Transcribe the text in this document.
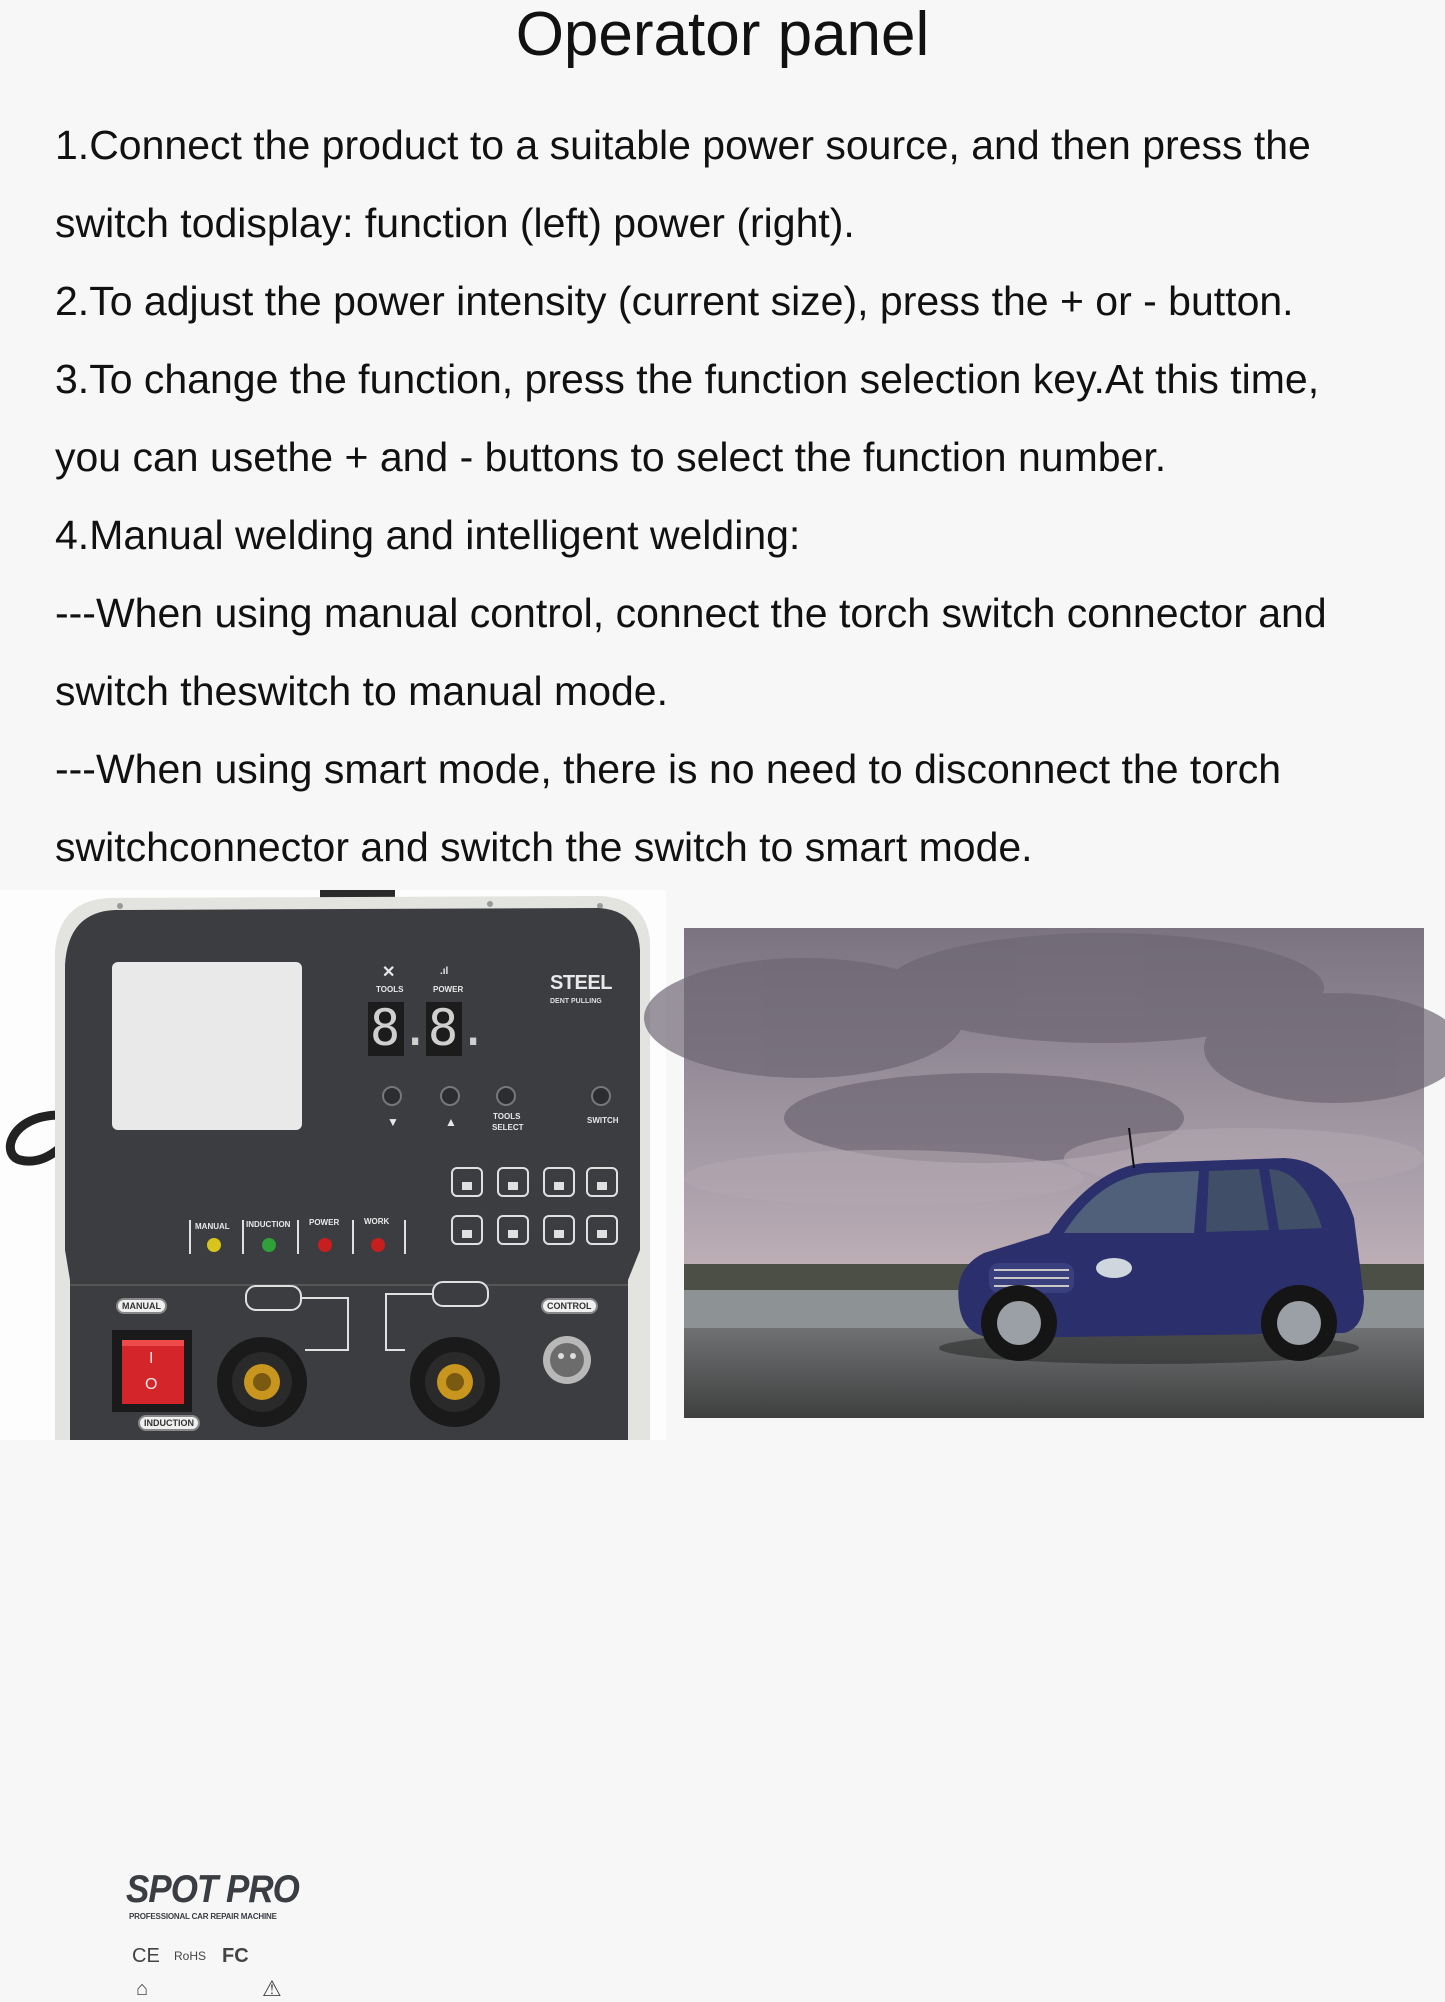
Operator panel
1.Connect the product to a suitable power source, and then press the
switch todisplay: function (left) power (right).
2.To adjust the power intensity (current size), press the + or - button.
3.To change the function, press the function selection key.At this time,
you can usethe + and - buttons to select the function number.
4.Manual welding and intelligent welding:
---When using manual control, connect the torch switch connector and
switch theswitch to manual mode.
---When using smart mode, there is no need to disconnect the torch
switchconnector and switch the switch to smart mode.
SPOT PRO
PROFESSIONAL CAR REPAIR MACHINE
CE RoHS FC
⌂	⚠
✕
TOOLS
.ıl
POWER
8.
8.
STEEL
DENT PULLING
▼	▲	TOOLS
SELECT
SWITCH
MANUAL INDUCTION POWER	WORK
MANUAL	CONTROL
INDUCTION
I
O
